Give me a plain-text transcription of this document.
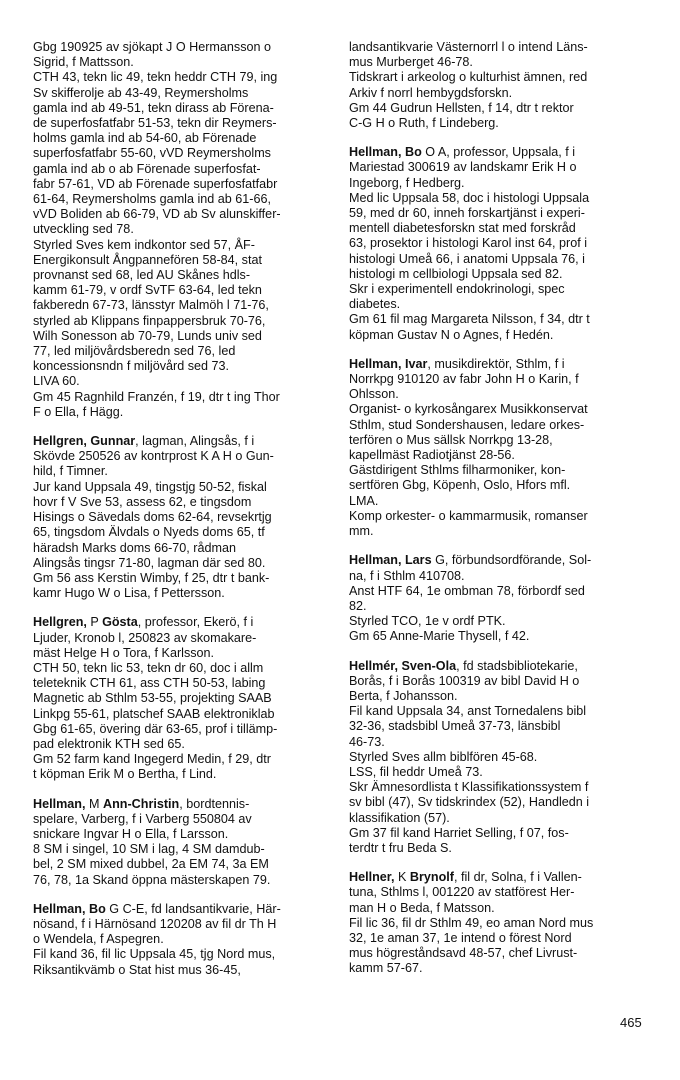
Gbg 190925 av sjökapt J O Hermansson o
Sigrid, f Mattsson.
CTH 43, tekn lic 49, tekn heddr CTH 79, ing
Sv skifferolje ab 43-49, Reymersholms
gamla ind ab 49-51, tekn dirass ab Förena-
de superfosfatfabr 51-53, tekn dir Reymers-
holms gamla ind ab 54-60, ab Förenade
superfosfatfabr 55-60, vVD Reymersholms
gamla ind ab o ab Förenade superfosfat-
fabr 57-61, VD ab Förenade superfosfatfabr
61-64, Reymersholms gamla ind ab 61-66,
vVD Boliden ab 66-79, VD ab Sv alunskiffer-
utveckling sed 78.
Styrled Sves kem indkontor sed 57, ÅF-
Energikonsult Ångpannefören 58-84, stat
provnanst sed 68, led AU Skånes hdls-
kamm 61-79, v ordf SvTF 63-64, led tekn
fakberedn 67-73, länsstyr Malmöh l 71-76,
styrled ab Klippans finpappersbruk 70-76,
Wilh Sonesson ab 70-79, Lunds univ sed
77, led miljövårdsberedn sed 76, led
koncessionsndn f miljövård sed 73.
LIVA 60.
Gm 45 Ragnhild Franzén, f 19, dtr t ing Thor
F o Ella, f Hägg.
Hellgren, Gunnar, lagman, Alingsås, f i
Skövde 250526 av kontrprost K A H o Gun-
hild, f Timner.
Jur kand Uppsala 49, tingstjg 50-52, fiskal
hovr f V Sve 53, assess 62, e tingsdom
Hisings o Sävedals doms 62-64, revsekrtjg
65, tingsdom Älvdals o Nyeds doms 65, tf
häradsh Marks doms 66-70, rådman
Alingsås tingsr 71-80, lagman där sed 80.
Gm 56 ass Kerstin Wimby, f 25, dtr t bank-
kamr Hugo W o Lisa, f Pettersson.
Hellgren, P Gösta, professor, Ekerö, f i
Ljuder, Kronob l, 250823 av skomakare-
mäst Helge H o Tora, f Karlsson.
CTH 50, tekn lic 53, tekn dr 60, doc i allm
teleteknik CTH 61, ass CTH 50-53, labing
Magnetic ab Sthlm 53-55, projekting SAAB
Linkpg 55-61, platschef SAAB elektroniklab
Gbg 61-65, övering där 63-65, prof i tillämp-
pad elektronik KTH sed 65.
Gm 52 farm kand Ingegerd Medin, f 29, dtr
t köpman Erik M o Bertha, f Lind.
Hellman, M Ann-Christin, bordtennis-
spelare, Varberg, f i Varberg 550804 av
snickare Ingvar H o Ella, f Larsson.
8 SM i singel, 10 SM i lag, 4 SM damdub-
bel, 2 SM mixed dubbel, 2a EM 74, 3a EM
76, 78, 1a Skand öppna mästerskapen 79.
Hellman, Bo G C-E, fd landsantikvarie, Här-
nösand, f i Härnösand 120208 av fil dr Th H
o Wendela, f Aspegren.
Fil kand 36, fil lic Uppsala 45, tjg Nord mus,
Riksantikvämb o Stat hist mus 36-45,
landsantikvarie Västernorrl l o intend Läns-
mus Murberget 46-78.
Tidskrart i arkeolog o kulturhist ämnen, red
Arkiv f norrl hembygdsforskn.
Gm 44 Gudrun Hellsten, f 14, dtr t rektor
C-G H o Ruth, f Lindeberg.
Hellman, Bo O A, professor, Uppsala, f i
Mariestad 300619 av landskamr Erik H o
Ingeborg, f Hedberg.
Med lic Uppsala 58, doc i histologi Uppsala
59, med dr 60, inneh forskartjänst i experi-
mentell diabetesforskn stat med forskråd
63, prosektor i histologi Karol inst 64, prof i
histologi Umeå 66, i anatomi Uppsala 76, i
histologi m cellbiologi Uppsala sed 82.
Skr i experimentell endokrinologi, spec
diabetes.
Gm 61 fil mag Margareta Nilsson, f 34, dtr t
köpman Gustav N o Agnes, f Hedén.
Hellman, Ivar, musikdirektör, Sthlm, f i
Norrkpg 910120 av fabr John H o Karin, f
Ohlsson.
Organist- o kyrkosångarex Musikkonservat
Sthlm, stud Sondershausen, ledare orkes-
terfören o Mus sällsk Norrkpg 13-28,
kapellmäst Radiotjänst 28-56.
Gästdirigent Sthlms filharmoniker, kon-
sertfören Gbg, Köpenh, Oslo, Hfors mfl.
LMA.
Komp orkester- o kammarmusik, romanser
mm.
Hellman, Lars G, förbundsordförande, Sol-
na, f i Sthlm 410708.
Anst HTF 64, 1e ombman 78, förbordf sed
82.
Styrled TCO, 1e v ordf PTK.
Gm 65 Anne-Marie Thysell, f 42.
Hellmér, Sven-Ola, fd stadsbibliotekarie,
Borås, f i Borås 100319 av bibl David H o
Berta, f Johansson.
Fil kand Uppsala 34, anst Tornedalens bibl
32-36, stadsbibl Umeå 37-73, länsbibl
46-73.
Styrled Sves allm biblfören 45-68.
LSS, fil heddr Umeå 73.
Skr Ämnesordlista t Klassifikationssystem f
sv bibl (47), Sv tidskrindex (52), Handledn i
klassifikation (57).
Gm 37 fil kand Harriet Selling, f 07, fos-
terdtr t fru Beda S.
Hellner, K Brynolf, fil dr, Solna, f i Vallen-
tuna, Sthlms l, 001220 av statförest Her-
man H o Beda, f Matsson.
Fil lic 36, fil dr Sthlm 49, eo aman Nord mus
32, 1e aman 37, 1e intend o förest Nord
mus högreståndsavd 48-57, chef Livrust-
kamm 57-67.
465
